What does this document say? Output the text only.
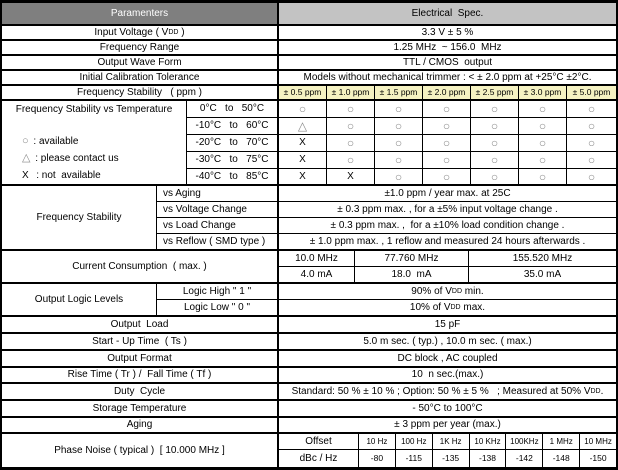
Paramenters	Electrical  Spec.
Input Voltage ( V DD )	3.3 V ± 5 %
Frequency Range	1.25 MHz  ~ 156.0  MHz
Output Wave Form	TTL / CMOS  output
Initial Calibration Tolerance	Models without mechanical trimmer : < ± 2.0 ppm at +25°C ±2°C.
Frequency Stability   ( ppm )	± 0.5 ppm	± 1.0 ppm	± 1.5 ppm	± 2.0 ppm	± 2.5 ppm	± 3.0 ppm	± 5.0 ppm
Frequency Stability vs Temperature
○ : available
△ : please contact us
X : not  available
0°C   to   50°C	○	○	○	○	○	○	○
-10°C   to   60°C	△	○	○	○	○	○	○
-20°C   to   70°C	X	○	○	○	○	○	○
-30°C   to   75°C	X	○	○	○	○	○	○
-40°C   to   85°C	X	X	○	○	○	○	○
Frequency Stability
vs Aging	±1.0 ppm / year max. at 25C
vs Voltage Change	± 0.3 ppm max. , for a ±5% input voltage change .
vs Load Change	± 0.3 ppm max. ,  for a ±10% load condition change .
vs Reflow ( SMD type )	± 1.0 ppm max. , 1 reflow and measured 24 hours afterwards .
Current Consumption  ( max. )
10.0 MHz	77.760 MHz	155.520 MHz
4.0 mA	18.0  mA	35.0 mA
Output Logic Levels
Logic High " 1 "	90% of V DD min.
Logic Low " 0 "	10% of V DD max.
Output  Load	15 pF
Start - Up Time  ( Ts )	5.0 m sec. ( typ.) , 10.0 m sec. ( max.)
Output Format	DC block , AC coupled
Rise Time ( Tr ) /  Fall Time ( Tf )	10  n sec.(max.)
Duty  Cycle	Standard: 50 % ± 10 % ; Option: 50 % ± 5 %   ; Measured at 50% V DD .
Storage Temperature	- 50°C to 100°C
Aging	± 3 ppm per year (max.)
Phase Noise ( typical )  [ 10.000 MHz ]
Offset	10 Hz	100 Hz	1K Hz	10 KHz	100KHz	1 MHz	10 MHz
dBc / Hz	-80	-115	-135	-138	-142	-148	-150
